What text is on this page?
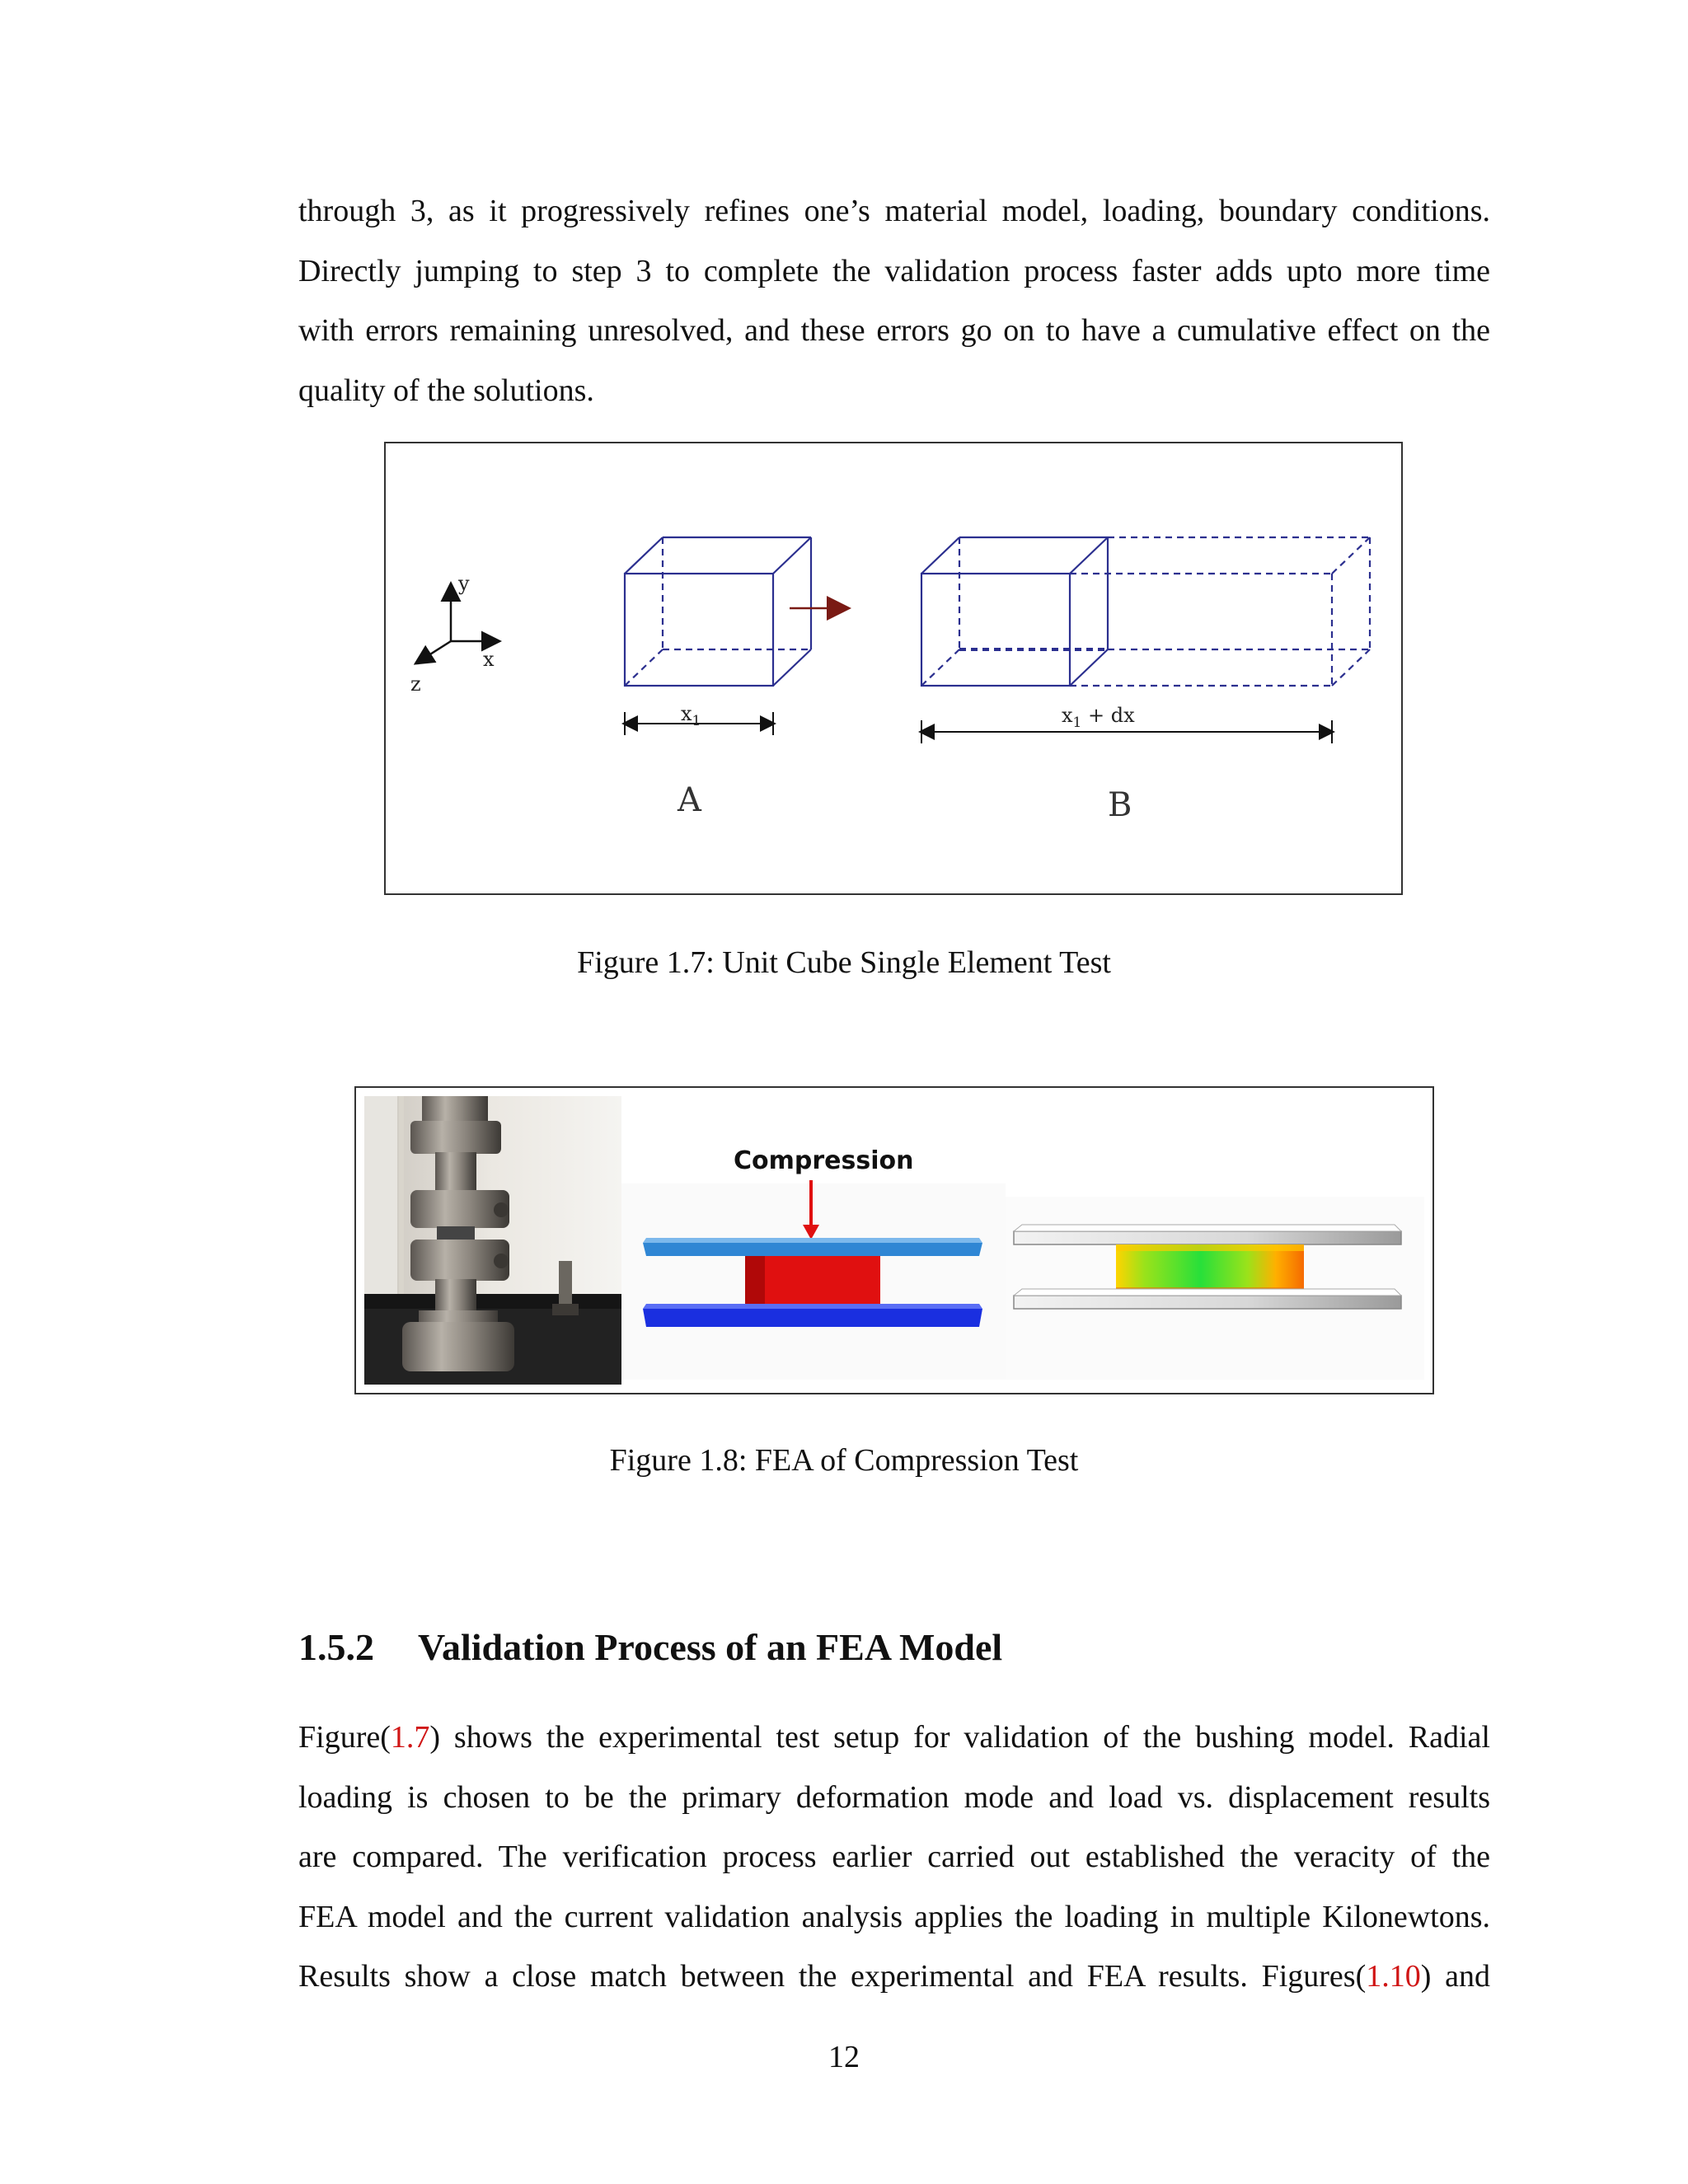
through 3, as it progressively refines one’s material model, loading, boundary conditions.
Directly jumping to step 3 to complete the validation process faster adds upto more time
with errors remaining unresolved, and these errors go on to have a cumulative effect on the
quality of the solutions.
y
x
z
$x_1$	$x_1$ + dx
A	B

Figure 1.7: Unit Cube Single Element Test

Compression

Figure 1.8: FEA of Compression Test

1.5.2 Validation Process of an FEA Model
Figure(1.7) shows the experimental test setup for validation of the bushing model. Radial
loading is chosen to be the primary deformation mode and load vs. displacement results
are compared. The verification process earlier carried out established the veracity of the
FEA model and the current validation analysis applies the loading in multiple Kilonewtons.
Results show a close match between the experimental and FEA results. Figures(1.10) and

12
